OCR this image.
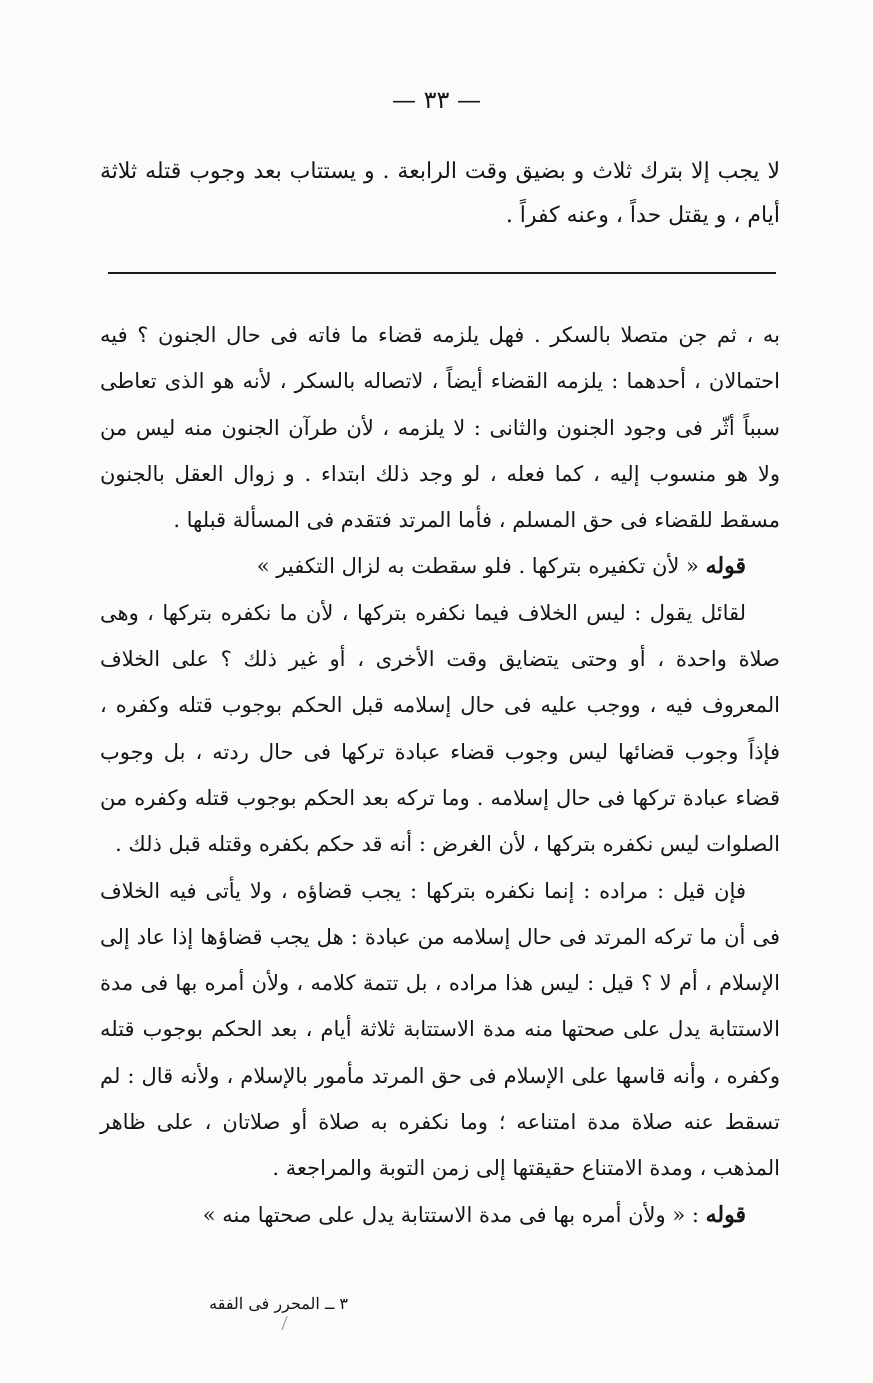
— ٣٣ —
لا يجب إلا بترك ثلاث و بضيق وقت الرابعة . و يستتاب بعد وجوب قتله ثلاثة أيام ، و يقتل حداً ، وعنه كفراً .

به ، ثم جن متصلا بالسكر . فهل يلزمه قضاء ما فاته فى حال الجنون ؟ فيه احتمالان ، أحدهما : يلزمه القضاء أيضاً ، لاتصاله بالسكر ، لأنه هو الذى تعاطى سبباً أثّر فى وجود الجنون والثانى : لا يلزمه ، لأن طرآن الجنون منه ليس من ولا هو منسوب إليه ، كما فعله ، لو وجد ذلك ابتداء . و زوال العقل بالجنون مسقط للقضاء فى حق المسلم ، فأما المرتد فتقدم فى المسألة قبلها .

قوله « لأن تكفيره بتركها . فلو سقطت به لزال التكفير »

لقائل يقول : ليس الخلاف فيما نكفره بتركها ، لأن ما نكفره بتركها ، وهى صلاة واحدة ، أو وحتى يتضايق وقت الأخرى ، أو غير ذلك ؟ على الخلاف المعروف فيه ، ووجب عليه فى حال إسلامه قبل الحكم بوجوب قتله وكفره ، فإذاً وجوب قضائها ليس وجوب قضاء عبادة تركها فى حال ردته ، بل وجوب قضاء عبادة تركها فى حال إسلامه . وما تركه بعد الحكم بوجوب قتله وكفره من الصلوات ليس نكفره بتركها ، لأن الغرض : أنه قد حكم بكفره وقتله قبل ذلك .

فإن قيل : مراده : إنما نكفره بتركها : يجب قضاؤه ، ولا يأتى فيه الخلاف فى أن ما تركه المرتد فى حال إسلامه من عبادة : هل يجب قضاؤها إذا عاد إلى الإسلام ، أم لا ؟ قيل : ليس هذا مراده ، بل تتمة كلامه ، ولأن أمره بها فى مدة الاستتابة يدل على صحتها منه مدة الاستتابة ثلاثة أيام ، بعد الحكم بوجوب قتله وكفره ، وأنه قاسها على الإسلام فى حق المرتد مأمور بالإسلام ، ولأنه قال : لم تسقط عنه صلاة مدة امتناعه ؛ وما نكفره به صلاة أو صلاتان ، على ظاهر المذهب ، ومدة الامتناع حقيقتها إلى زمن التوبة والمراجعة .

قوله : « ولأن أمره بها فى مدة الاستتابة يدل على صحتها منه »

٣ ــ المحرر فى الفقه
